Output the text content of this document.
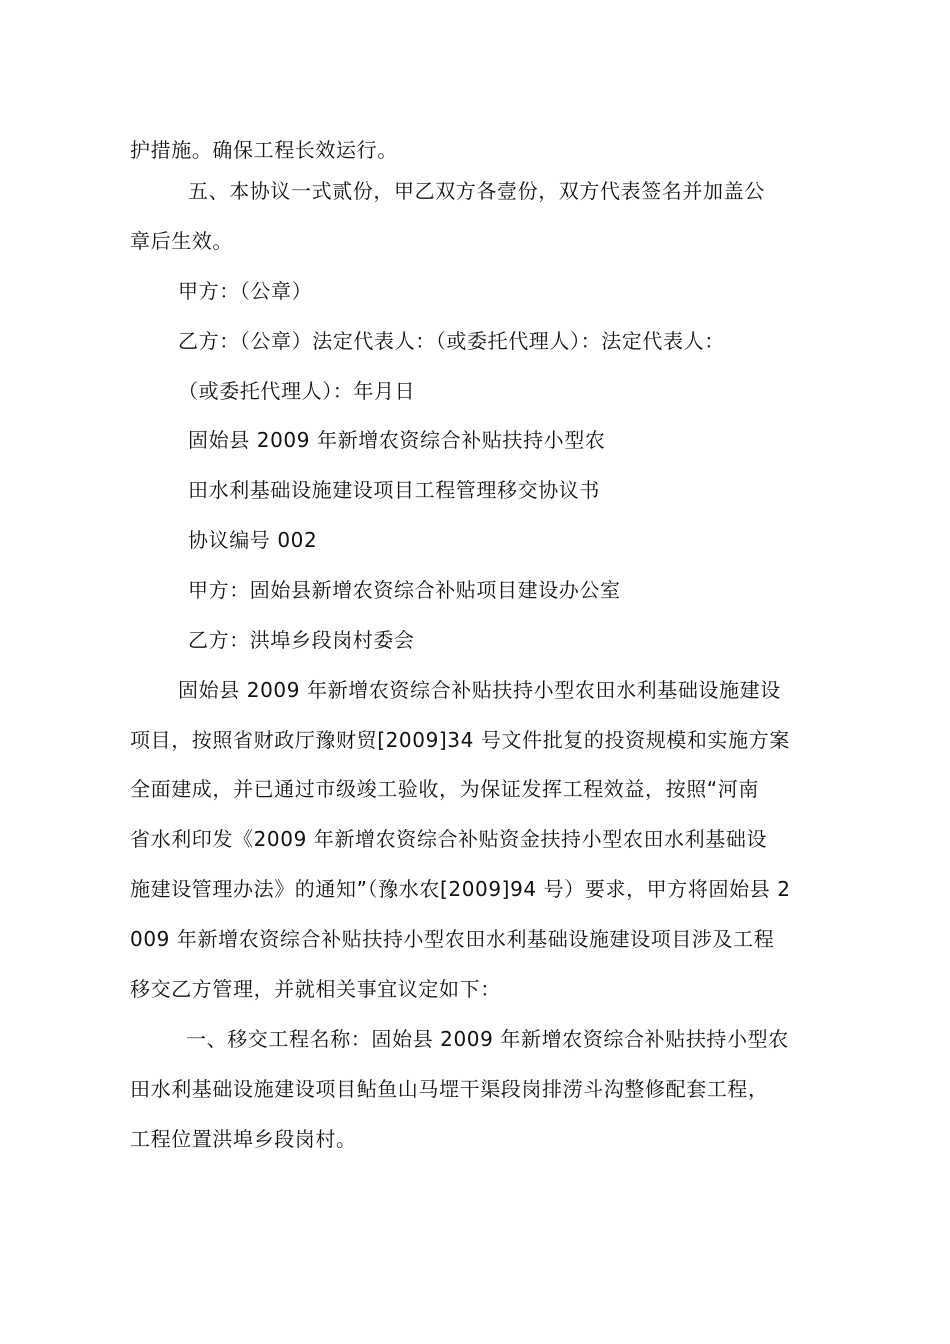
护措施。确保工程长效运行。
五、本协议一式贰份，甲乙双方各壹份，双方代表签名并加盖公
章后生效。
甲方：（公章）
乙方：（公章）法定代表人：（或委托代理人）：法定代表人：
（或委托代理人）：年月日
固始县 2009 年新增农资综合补贴扶持小型农
田水利基础设施建设项目工程管理移交协议书
协议编号 002
甲方：固始县新增农资综合补贴项目建设办公室
乙方：洪埠乡段岗村委会
固始县 2009 年新增农资综合补贴扶持小型农田水利基础设施建设
项目，按照省财政厅豫财贸[2009]34 号文件批复的投资规模和实施方案
全面建成，并已通过市级竣工验收，为保证发挥工程效益，按照“河南
省水利印发《2009 年新增农资综合补贴资金扶持小型农田水利基础设
施建设管理办法》的通知”（豫水农[2009]94 号）要求，甲方将固始县 2
009 年新增农资综合补贴扶持小型农田水利基础设施建设项目涉及工程
移交乙方管理，并就相关事宜议定如下：
一、移交工程名称：固始县 2009 年新增农资综合补贴扶持小型农
田水利基础设施建设项目鲇鱼山马堽干渠段岗排涝斗沟整修配套工程，
工程位置洪埠乡段岗村。
